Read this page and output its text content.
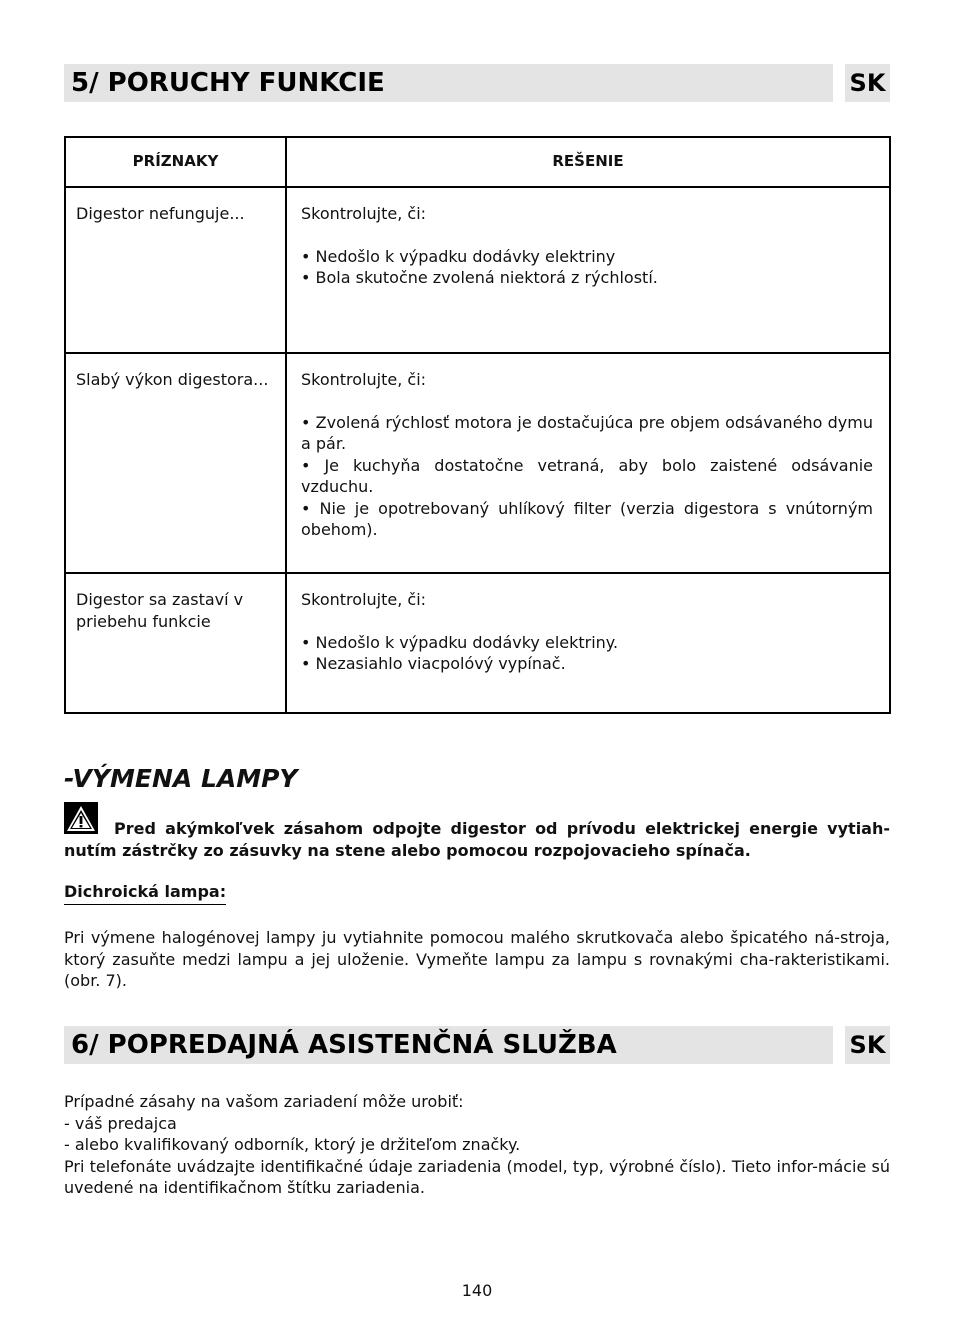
5/ PORUCHY FUNKCIE	SK
PRÍZNAKY	REŠENIE
Digestor nefunguje...	Skontrolujte, či:

• Nedošlo k výpadku dodávky elektriny

• Bola skutočne zvolená niektorá z rýchlostí.

Slabý výkon digestora...	Skontrolujte, či:

• Zvolená rýchlosť motora je dostačujúca pre objem odsávaného dymu a pár.

• Je kuchyňa dostatočne vetraná, aby bolo zaistené odsávanie vzduchu.

• Nie je opotrebovaný uhlíkový filter (verzia digestora s vnútorným obehom).

Digestor sa zastaví v priebehu funkcie	Skontrolujte, či:

• Nedošlo k výpadku dodávky elektriny.

• Nezasiahlo viacpolóvý vypínač.

-VÝMENA LAMPY
Pred akýmkoľvek zásahom odpojte digestor od prívodu elektrickej energie vytiah-nutím zástrčky zo zásuvky na stene alebo pomocou rozpojovacieho spínača.
Dichroická lampa:
Pri výmene halogénovej lampy ju vytiahnite pomocou malého skrutkovača alebo špicatého ná-stroja, ktorý zasuňte medzi lampu a jej uloženie. Vymeňte lampu za lampu s rovnakými cha-rakteristikami. (obr. 7).
6/ POPREDAJNÁ ASISTENČNÁ SLUŽBA	SK
Prípadné zásahy na vašom zariadení môže urobiť:
- váš predajca
- alebo kvalifikovaný odborník, ktorý je držiteľom značky.
Pri telefonáte uvádzajte identifikačné údaje zariadenia (model, typ, výrobné číslo). Tieto infor-mácie sú uvedené na identifikačnom štítku zariadenia.
140
